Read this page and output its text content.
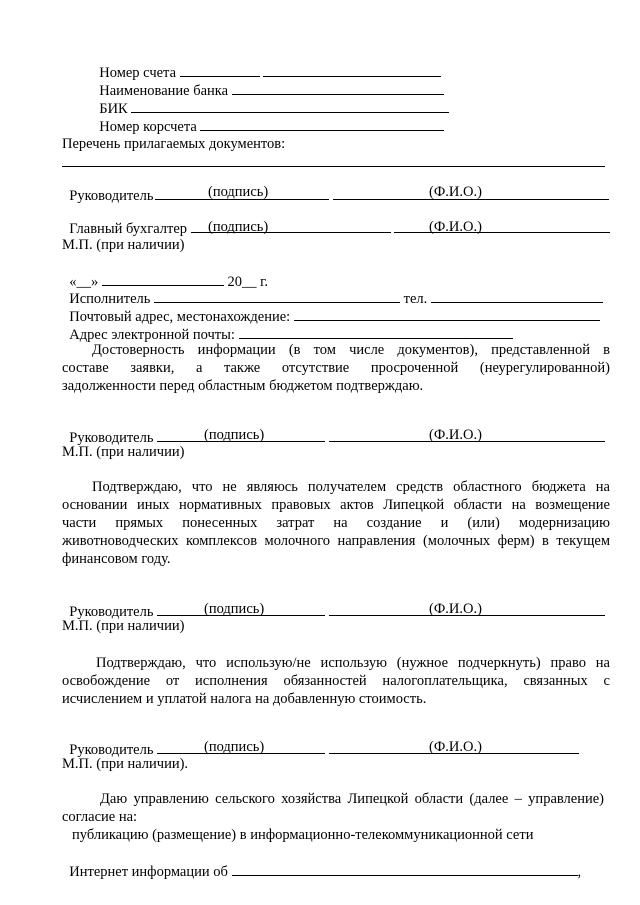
Номер счета

Наименование банка

БИК

Номер корсчета

Перечень прилагаемых документов:

Руководитель	(подпись)	(Ф.И.О.)

Главный бухгалтер	(подпись)	(Ф.И.О.)
М.П. (при наличии)

«__»	20__ г.

Исполнитель	тел.

Почтовый адрес, местонахождение:

Адрес электронной почты:

Достоверность информации (в том числе документов), представленной в
составе заявки, а также отсутствие просроченной (неурегулированной)
задолженности перед областным бюджетом подтверждаю.

Руководитель	(подпись)	(Ф.И.О.)
М.П. (при наличии)
Подтверждаю, что не являюсь получателем средств областного бюджета на
основании иных нормативных правовых актов Липецкой области на возмещение
части прямых понесенных затрат на создание и (или) модернизацию
животноводческих комплексов молочного направления (молочных ферм) в текущем
финансовом году.

Руководитель	(подпись)	(Ф.И.О.)
М.П. (при наличии)
Подтверждаю, что использую/не использую (нужное подчеркнуть) право на
освобождение от исполнения обязанностей налогоплательщика, связанных с
исчислением и уплатой налога на добавленную стоимость.

Руководитель	(подпись)	(Ф.И.О.)
М.П. (при наличии).
Даю управлению сельского хозяйства Липецкой области (далее – управление)
согласие на:
публикацию (размещение) в информационно-телекоммуникационной сети

Интернет информации об	,
